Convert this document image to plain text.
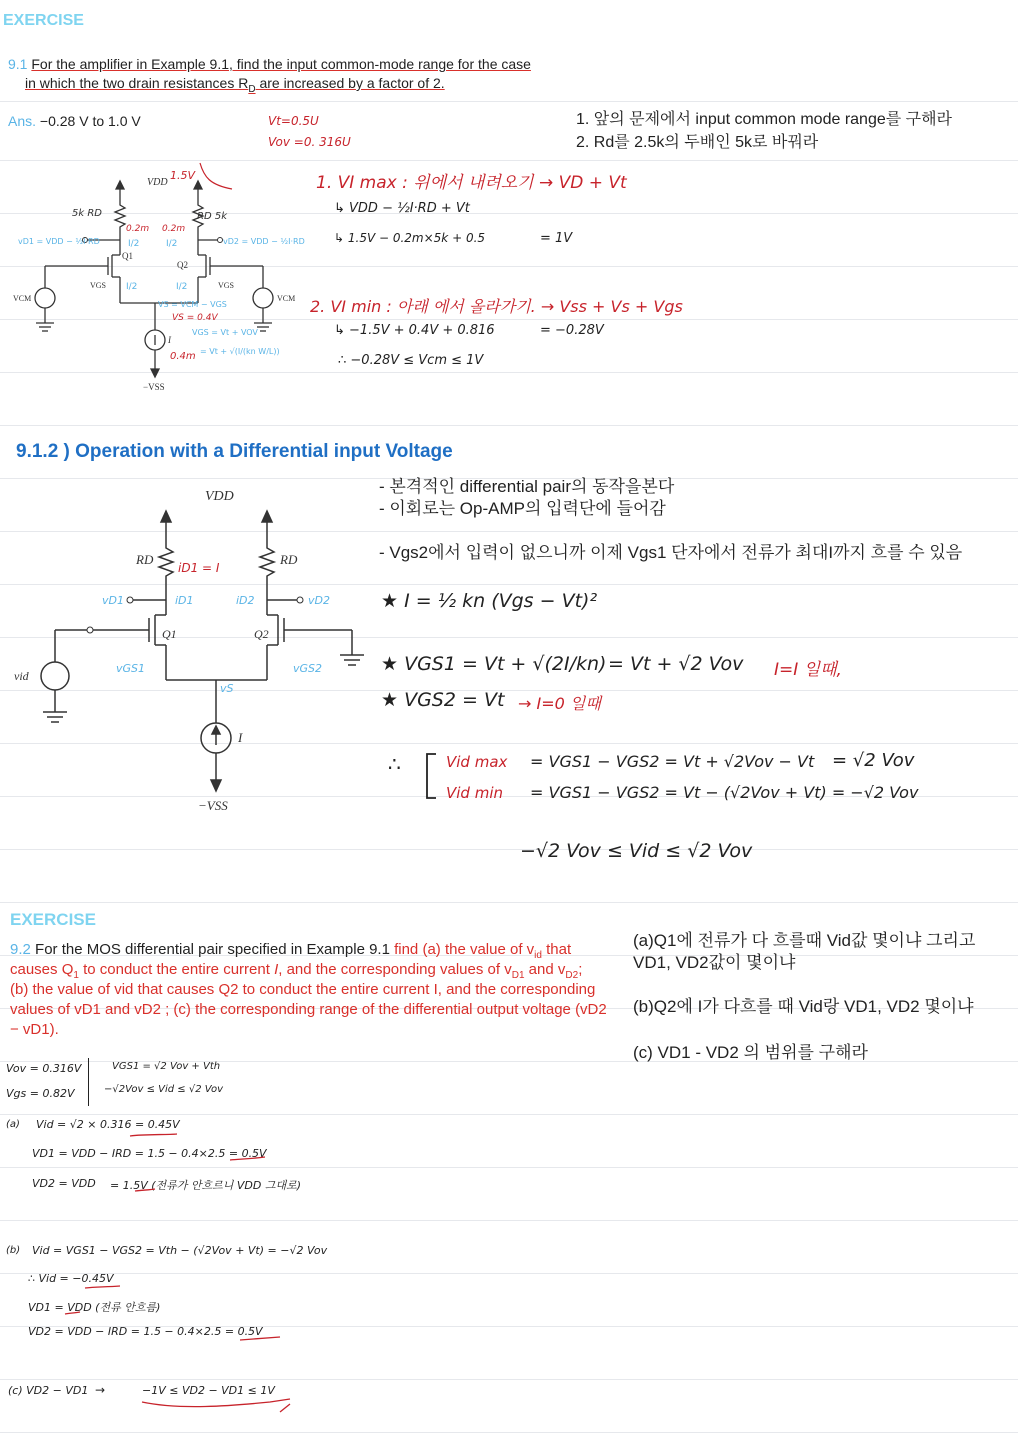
EXERCISE
9.1 For the amplifier in Example 9.1, find the input common-mode range for the case
in which the two drain resistances $R_D$ are increased by a factor of 2.
Ans. −0.28 V to 1.0 V	1. 앞의 문제에서 input common mode range를 구해라
2. Rd를 2.5k의 두배인 5k로 바꿔라
Vt=0.5U
Vov =0. 316U
1. VI max : 위에서 내려오기 → VD + Vt
↳ VDD − ½I·RD + Vt
↳ 1.5V − 0.2m×5k + 0.5	= 1V
2. VI min : 아래 에서 올라가기. → Vss + Vs + Vgs
↳ −1.5V + 0.4V + 0.816	= −0.28V
∴ −0.28V ≤ Vcm ≤ 1V
VDD
1.5V
5k RD	RD 5k
0.2m 0.2m
I/2	I/2
vD1 = VDD − ½I·RD	vD2 = VDD − ½I·RD
Q1
Q2
VGS	VGS
I/2	I/2
VCM	VCM
VS = VCM − VGS
VS = 0.4V
VGS = Vt + VOV
= Vt + √(I/(kn W/L))
I
0.4m
−VSS
9.1.2 ) Operation with a Differential input Voltage
- 본격적인 differential pair의 동작을본다
- 이회로는 Op-AMP의 입력단에 들어감
- Vgs2에서 입력이 없으니까 이제 Vgs1 단자에서 전류가 최대I까지 흐를 수 있음
VDD
RD	RD
iD1 = I
vD1	vD2
iD1	iD2
Q1	Q2
vGS1	vGS2
vid
vS
I
−VSS
★ I = ½ kn (Vgs − Vt)²
★ VGS1 = Vt + √(2I/kn) = Vt + √2 Vov I=I 일때,
★ VGS2 = Vt → I=0 일때
∴	Vid max = VGS1 − VGS2 = Vt + √2Vov − Vt = √2 Vov
Vid min = VGS1 − VGS2 = Vt − (√2Vov + Vt) = −√2 Vov
−√2 Vov ≤ Vid ≤ √2 Vov
EXERCISE
9.2 For the MOS differential pair specified in Example 9.1 find (a) the value of $v_{id}$ that
causes $Q_1$ to conduct the entire current I, and the corresponding values of $v_{D1}$ and $v_{D2}$;
(b) the value of vid that causes Q2 to conduct the entire current I, and the corresponding
values of vD1 and vD2 ; (c) the corresponding range of the differential output voltage (vD2
− vD1).
(a)Q1에 전류가 다 흐를때 Vid값 몇이냐 그리고
VD1, VD2값이 몇이냐
(b)Q2에 I가 다흐를 때 Vid랑 VD1, VD2 몇이냐
(c) VD1 - VD2 의 범위를 구해라
Vov = 0.316V
Vgs = 0.82V
VGS1 = √2 Vov + Vth
−√2Vov ≤ Vid ≤ √2 Vov
(a) Vid = √2 × 0.316 = 0.45V
VD1 = VDD − IRD = 1.5 − 0.4×2.5 = 0.5V
VD2 = VDD = 1.5V (전류가 안흐르니 VDD 그대로)
(b) Vid = VGS1 − VGS2 = Vth − (√2Vov + Vt) = −√2 Vov
∴ Vid = −0.45V
VD1 = VDD (전류 안흐름)
VD2 = VDD − IRD = 1.5 − 0.4×2.5 = 0.5V
(c) VD2 − VD1 →	−1V ≤ VD2 − VD1 ≤ 1V
